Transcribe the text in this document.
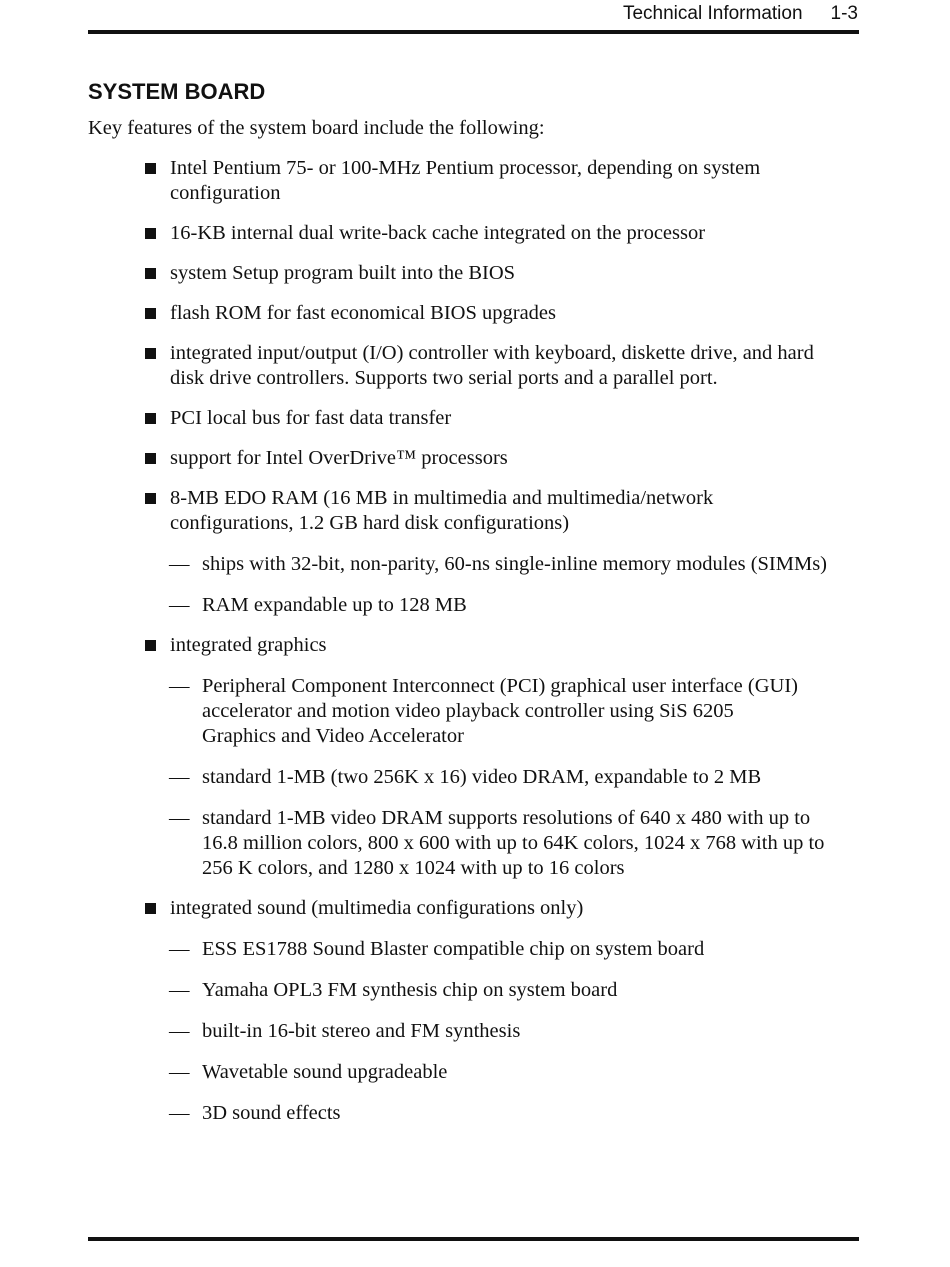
Technical Information 1-3
SYSTEM BOARD

Key features of the system board include the following:

Intel Pentium 75- or 100-MHz Pentium processor, depending on system
configuration
16-KB internal dual write-back cache integrated on the processor
system Setup program built into the BIOS
flash ROM for fast economical BIOS upgrades
integrated input/output (I/O) controller with keyboard, diskette drive, and hard
disk drive controllers. Supports two serial ports and a parallel port.
PCI local bus for fast data transfer
support for Intel OverDrive™ processors
8-MB EDO RAM (16 MB in multimedia and multimedia/network
configurations, 1.2 GB hard disk configurations)
— ships with 32-bit, non-parity, 60-ns single-inline memory modules (SIMMs)
— RAM expandable up to 128 MB
integrated graphics
— Peripheral Component Interconnect (PCI) graphical user interface (GUI)
accelerator and motion video playback controller using SiS 6205
Graphics and Video Accelerator
— standard 1-MB (two 256K x 16) video DRAM, expandable to 2 MB
— standard 1-MB video DRAM supports resolutions of 640 x 480 with up to
16.8 million colors, 800 x 600 with up to 64K colors, 1024 x 768 with up to
256 K colors, and 1280 x 1024 with up to 16 colors
integrated sound (multimedia configurations only)
— ESS ES1788 Sound Blaster compatible chip on system board
— Yamaha OPL3 FM synthesis chip on system board
— built-in 16-bit stereo and FM synthesis
— Wavetable sound upgradeable
— 3D sound effects
